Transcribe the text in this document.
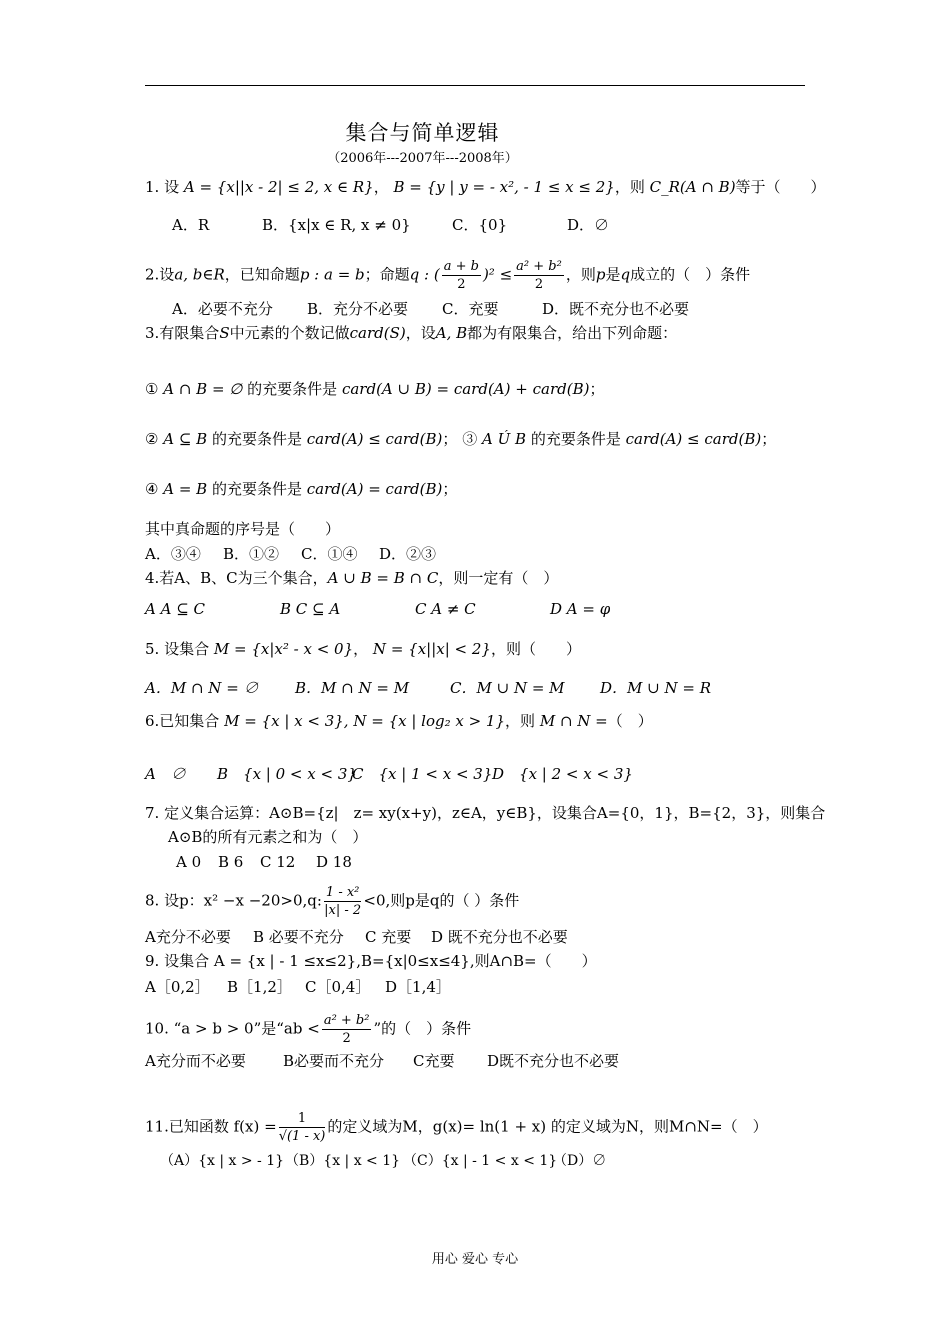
集合与简单逻辑
（2006年---2007年---2008年）
1. 设 A = {x||x - 2| ≤ 2, x ∈ R}， B = {y | y = - x², - 1 ≤ x ≤ 2}，则 C_R(A ∩ B)等于（　　）
A．R	B．{x|x ∈ R, x ≠ 0}	C．{0}	D．∅
2.设a, b∈R，已知命题p : a = b；命题q : ( $\frac{a + b}{2} )^2 \le \frac{\text{a² + b²}}{2}$ ，则p是q成立的（　）条件
A．必要不充分 B．充分不必要 C．充要	D．既不充分也不必要
3.有限集合S中元素的个数记做card(S)，设A, B都为有限集合，给出下列命题：
① A ∩ B = ∅ 的充要条件是 card(A ∪ B) = card(A) + card(B)；
② A ⊆ B 的充要条件是 card(A) ≤ card(B)； ③ A Ú B 的充要条件是 card(A) ≤ card(B)；
④ A = B 的充要条件是 card(A) = card(B)；
其中真命题的序号是（　　）
A．③④ B．①② C．①④ D．②③
4.若A、B、C为三个集合，A ∪ B = B ∩ C，则一定有（　）
A A ⊆ C	B C ⊆ A	C A ≠ C	D A = φ
5. 设集合 M = {x|x² - x < 0}， N = {x||x| < 2}，则（　　）
A．M ∩ N = ∅ B．M ∩ N = M	C．M ∪ N = M D．M ∪ N = R
6.已知集合 M = {x | x < 3}, N = {x | log₂ x > 1}，则 M ∩ N =（　）
A　∅ B　{x | 0 < x < 3}C　{x | 1 < x < 3}D　{x | 2 < x < 3}
7. 定义集合运算：A⊙B={z|　z= xy(x+y)，z∈A，y∈B}，设集合A={0，1}，B={2，3}，则集合
A⊙B的所有元素之和为（　）
A 0 B 6 C 12 D 18
8. 设p：x² −x −20>0,q: $\frac{\text{1 - x²}}{|x| - 2} <0$,则p是q的（ ）条件
A充分不必要 B 必要不充分 C 充要 D 既不充分也不必要
9. 设集合 A = {x | - 1 ≤x≤2},B={x|0≤x≤4},则A∩B=（　　）
A［0,2］ B［1,2］ C［0,4］ D［1,4］
10. “a > b > 0”是“ab < $\frac{\text{a² + b²}}{2}$ ”的（　）条件
A充分而不必要 B必要而不充分 C充要 D既不充分也不必要
11.已知函数 $f(x) = \frac{1}{√(1 - x)}$ 的定义域为M，g(x)= ln(1 + x) 的定义域为N，则M∩N=（　）
（A）{x | x > - 1}（B）{x | x < 1} （C）{x | - 1 < x < 1}（D）∅
用心 爱心 专心
